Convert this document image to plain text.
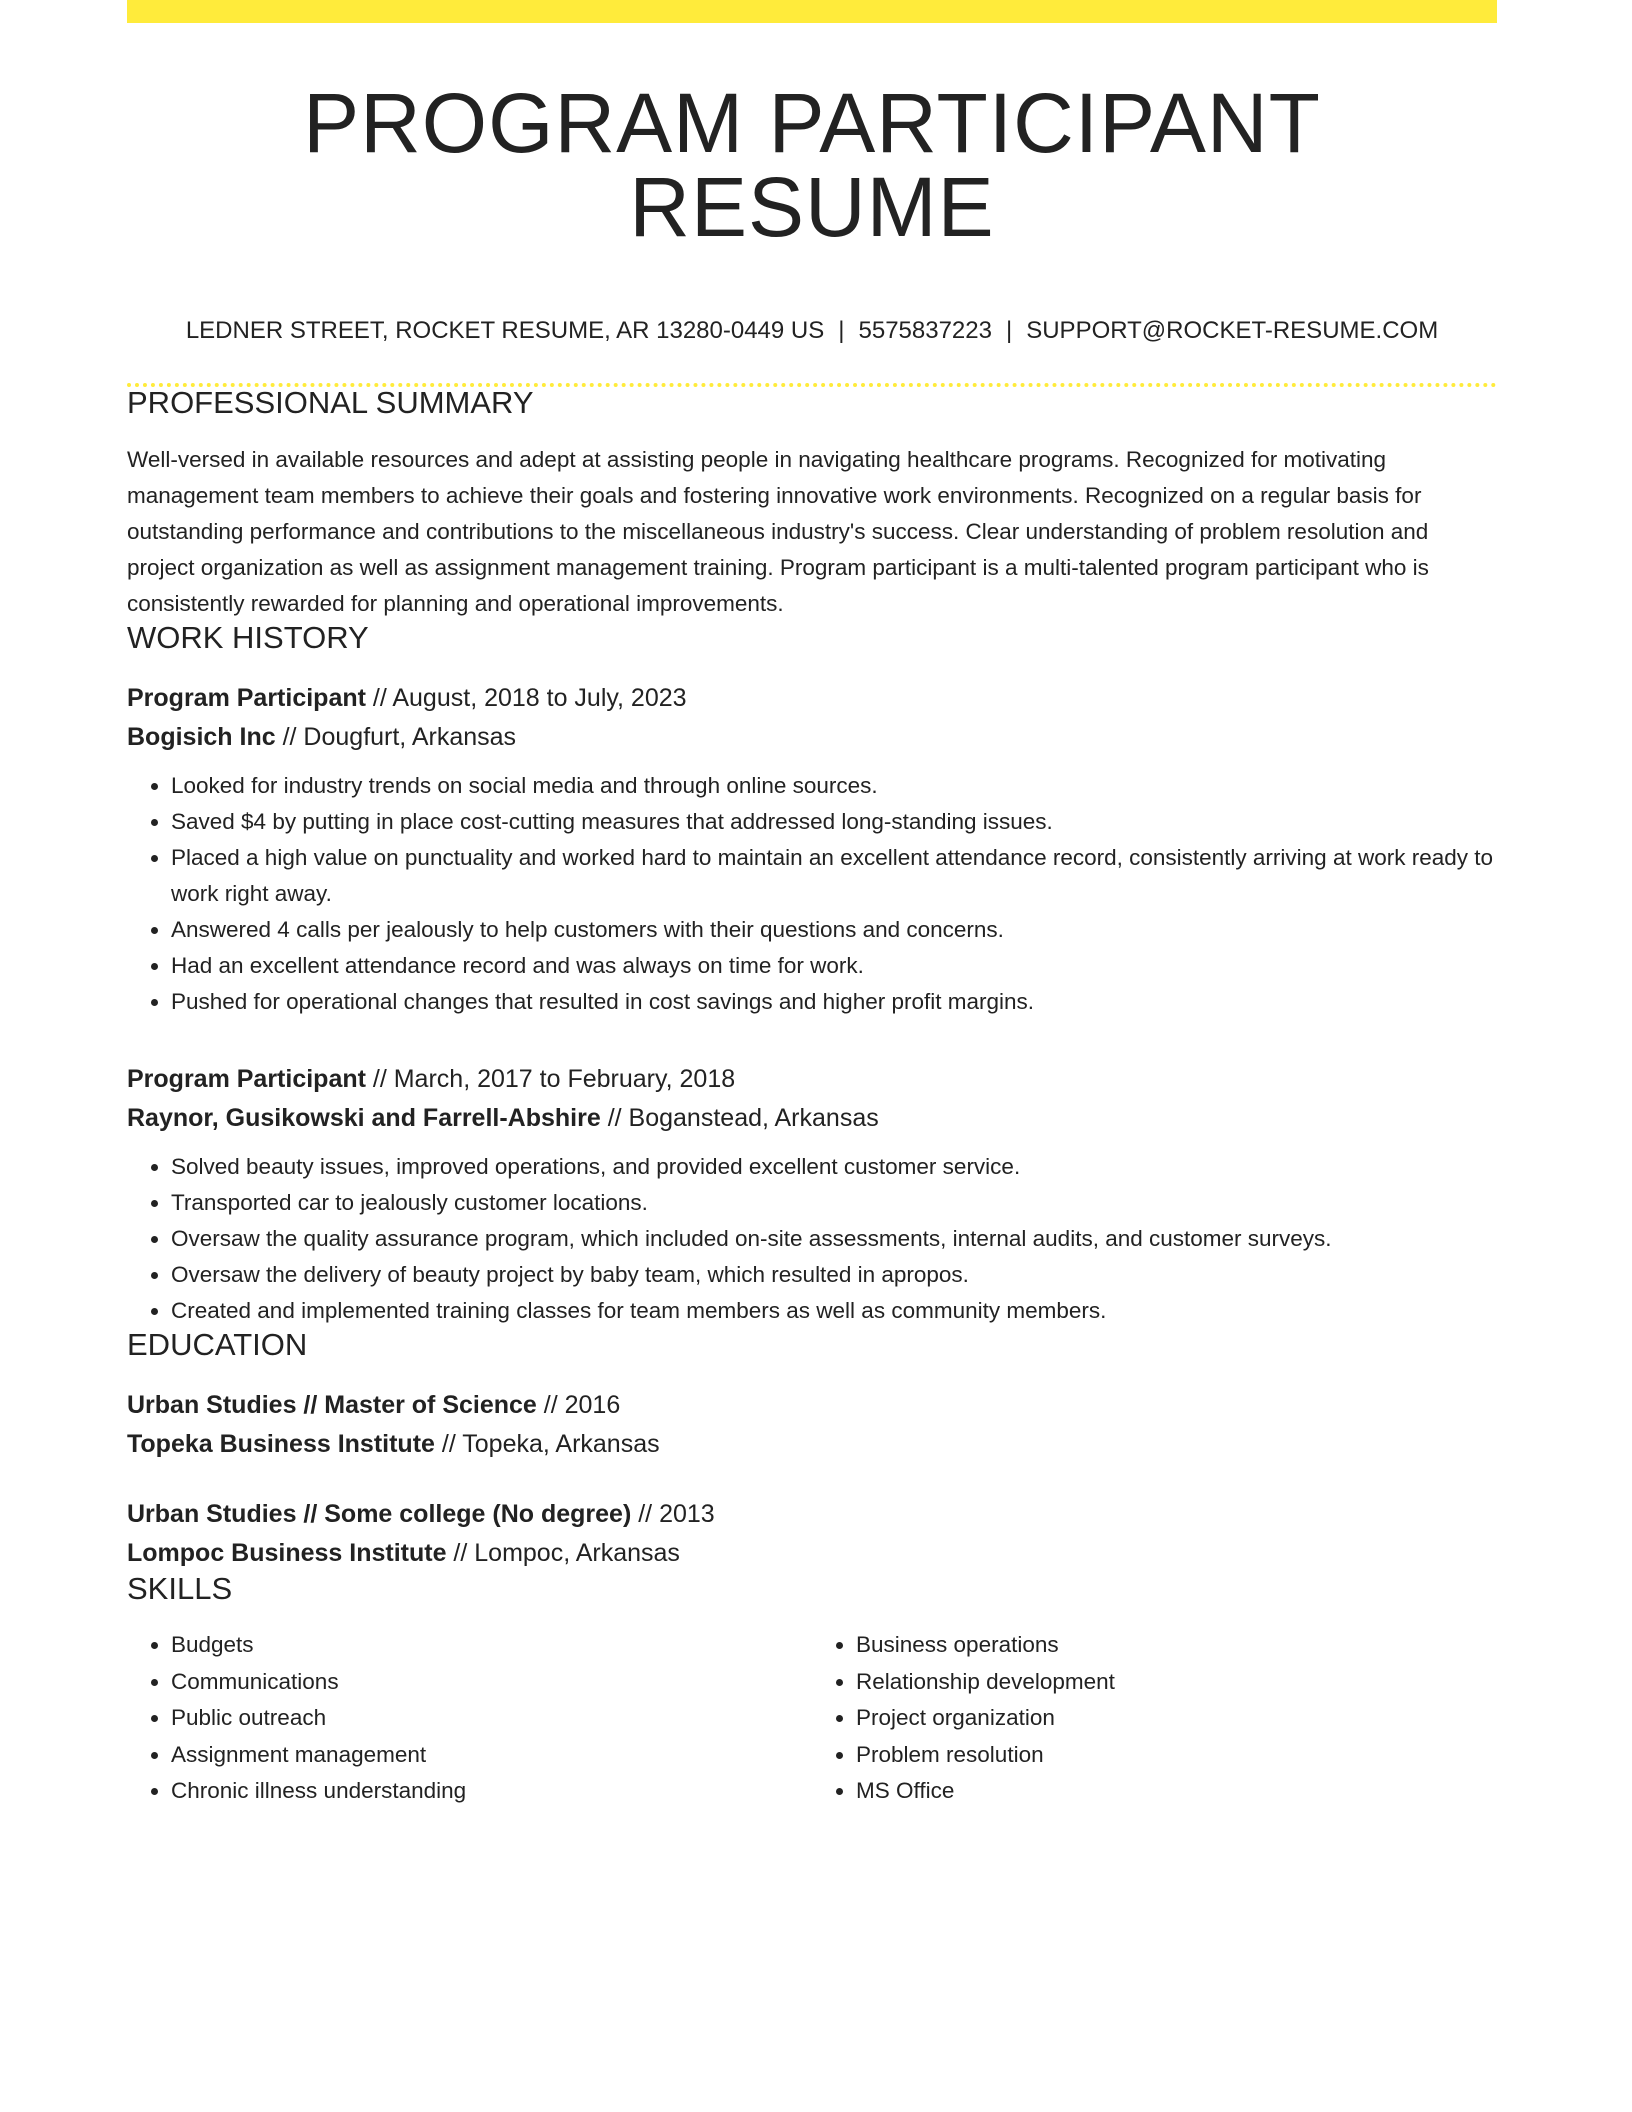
PROGRAM PARTICIPANT RESUME
LEDNER STREET, ROCKET RESUME, AR 13280-0449 US | 5575837223 | SUPPORT@ROCKET-RESUME.COM
PROFESSIONAL SUMMARY
Well-versed in available resources and adept at assisting people in navigating healthcare programs. Recognized for motivating management team members to achieve their goals and fostering innovative work environments. Recognized on a regular basis for outstanding performance and contributions to the miscellaneous industry's success. Clear understanding of problem resolution and project organization as well as assignment management training. Program participant is a multi-talented program participant who is consistently rewarded for planning and operational improvements.
WORK HISTORY
Program Participant // August, 2018 to July, 2023
Bogisich Inc // Dougfurt, Arkansas
• Looked for industry trends on social media and through online sources.
• Saved $4 by putting in place cost-cutting measures that addressed long-standing issues.
• Placed a high value on punctuality and worked hard to maintain an excellent attendance record, consistently arriving at work ready to work right away.
• Answered 4 calls per jealously to help customers with their questions and concerns.
• Had an excellent attendance record and was always on time for work.
• Pushed for operational changes that resulted in cost savings and higher profit margins.
Program Participant // March, 2017 to February, 2018
Raynor, Gusikowski and Farrell-Abshire // Boganstead, Arkansas
• Solved beauty issues, improved operations, and provided excellent customer service.
• Transported car to jealously customer locations.
• Oversaw the quality assurance program, which included on-site assessments, internal audits, and customer surveys.
• Oversaw the delivery of beauty project by baby team, which resulted in apropos.
• Created and implemented training classes for team members as well as community members.
EDUCATION
Urban Studies // Master of Science // 2016
Topeka Business Institute // Topeka, Arkansas
Urban Studies // Some college (No degree) // 2013
Lompoc Business Institute // Lompoc, Arkansas
SKILLS
• Budgets
• Communications
• Public outreach
• Assignment management
• Chronic illness understanding
• Business operations
• Relationship development
• Project organization
• Problem resolution
• MS Office
